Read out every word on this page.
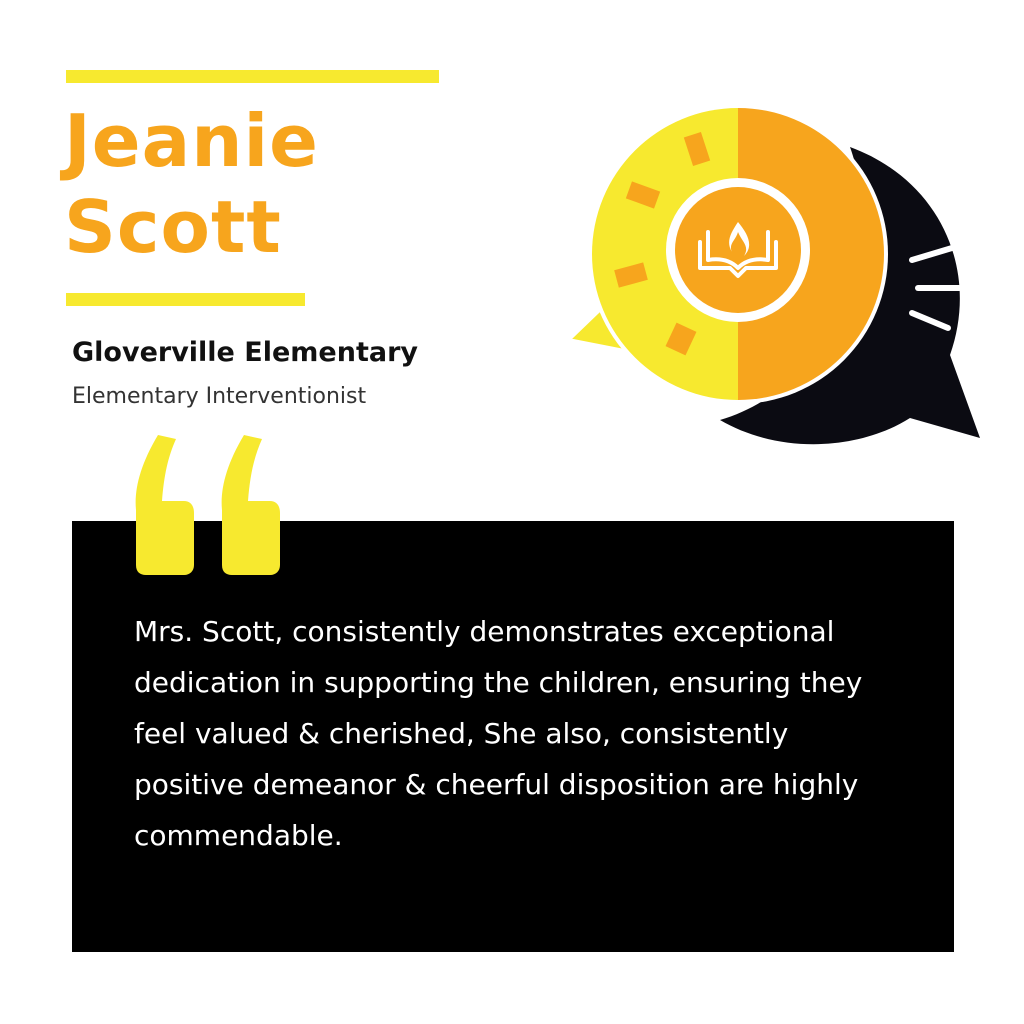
Jeanie Scott
Gloverville Elementary

Elementary Interventionist

Mrs. Scott, consistently demonstrates exceptional dedication in supporting the children, ensuring they feel valued & cherished, She also, consistently positive demeanor & cheerful disposition are highly commendable.
